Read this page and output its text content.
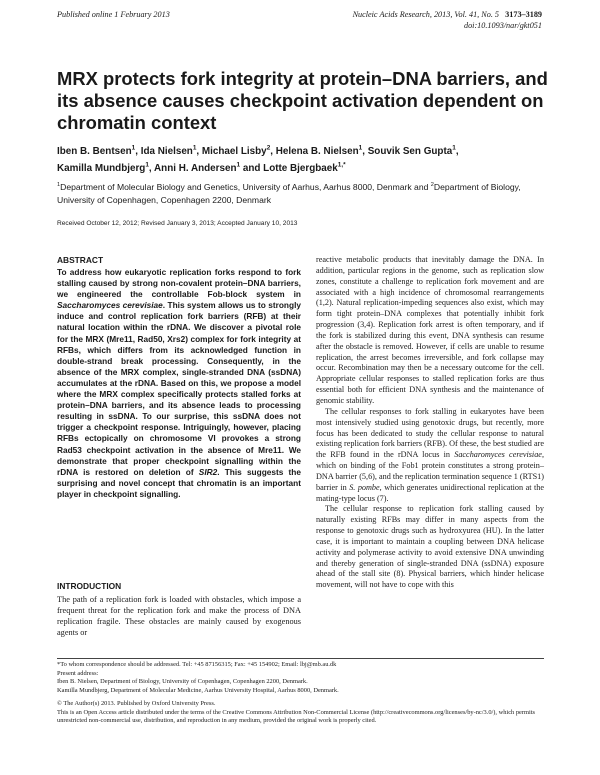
Published online 1 February 2013	Nucleic Acids Research, 2013, Vol. 41, No. 5 3173–3189
doi:10.1093/nar/gkt051
MRX protects fork integrity at protein–DNA barriers, and its absence causes checkpoint activation dependent on chromatin context
Iben B. Bentsen$^1$, Ida Nielsen$^1$, Michael Lisby$^2$, Helena B. Nielsen$^1$, Souvik Sen Gupta$^1$,
Kamilla Mundbjerg$^1$, Anni H. Andersen$^1$ and Lotte Bjergbaek$^{1,*}$
$^1$Department of Molecular Biology and Genetics, University of Aarhus, Aarhus 8000, Denmark and $^2$Department of Biology, University of Copenhagen, Copenhagen 2200, Denmark
Received October 12, 2012; Revised January 3, 2013; Accepted January 10, 2013
ABSTRACT
To address how eukaryotic replication forks respond to fork stalling caused by strong non-covalent protein–DNA barriers, we engineered the controllable Fob-block system in Saccharomyces cerevisiae. This system allows us to strongly induce and control replication fork barriers (RFB) at their natural location within the rDNA. We discover a pivotal role for the MRX (Mre11, Rad50, Xrs2) complex for fork integrity at RFBs, which differs from its acknowledged function in double-strand break processing. Consequently, in the absence of the MRX complex, single-stranded DNA (ssDNA) accumulates at the rDNA. Based on this, we propose a model where the MRX complex specifically protects stalled forks at protein–DNA barriers, and its absence leads to processing resulting in ssDNA. To our surprise, this ssDNA does not trigger a checkpoint response. Intriguingly, however, placing RFBs ectopically on chromosome VI provokes a strong Rad53 checkpoint activation in the absence of Mre11. We demonstrate that proper checkpoint signalling within the rDNA is restored on deletion of SIR2. This suggests the surprising and novel concept that chromatin is an important player in checkpoint signalling.
INTRODUCTION
The path of a replication fork is loaded with obstacles, which impose a frequent threat for the replication fork and make the process of DNA replication fragile. These obstacles are mainly caused by exogenous agents or

reactive metabolic products that inevitably damage the DNA. In addition, particular regions in the genome, such as replication slow zones, constitute a challenge to replication fork movement and are associated with a high incidence of chromosomal rearrangements (1,2). Natural replication-impeding sequences also exist, which may form tight protein–DNA complexes that potentially inhibit fork progression (3,4). Replication fork arrest is often temporary, and if the fork is stabilized during this event, DNA synthesis can resume after the obstacle is removed. However, if cells are unable to resume replication, the arrest becomes irreversible, and fork collapse may occur. Recombination may then be a necessary outcome for the cell. Appropriate cellular responses to stalled replication forks are thus essential both for efficient DNA synthesis and the maintenance of genomic stability.

The cellular responses to fork stalling in eukaryotes have been most intensively studied using genotoxic drugs, but recently, more focus has been dedicated to study the cellular response to natural existing replication fork barriers (RFB). Of these, the best studied are the RFB found in the rDNA locus in Saccharomyces cerevisiae, which on binding of the Fob1 protein constitutes a strong protein–DNA barrier (5,6), and the replication termination sequence 1 (RTS1) barrier in S. pombe, which generates unidirectional replication at the mating-type locus (7).

The cellular response to replication fork stalling caused by naturally existing RFBs may differ in many aspects from the response to genotoxic drugs such as hydroxyurea (HU). In the latter case, it is important to maintain a coupling between DNA helicase activity and polymerase activity to avoid extensive DNA unwinding and thereby generation of single-stranded DNA (ssDNA) exposure ahead of the stall site (8). Physical barriers, which hinder helicase movement, will not have to cope with this

*To whom correspondence should be addressed. Tel: +45 87156315; Fax: +45 154902; Email: lbj@mb.au.dk
Present address:
Iben B. Nielsen, Department of Biology, University of Copenhagen, Copenhagen 2200, Denmark.
Kamilla Mundbjerg, Department of Molecular Medicine, Aarhus University Hospital, Aarhus 8000, Denmark.
© The Author(s) 2013. Published by Oxford University Press.
This is an Open Access article distributed under the terms of the Creative Commons Attribution Non-Commercial License (http://creativecommons.org/licenses/by-nc/3.0/), which permits unrestricted non-commercial use, distribution, and reproduction in any medium, provided the original work is properly cited.
